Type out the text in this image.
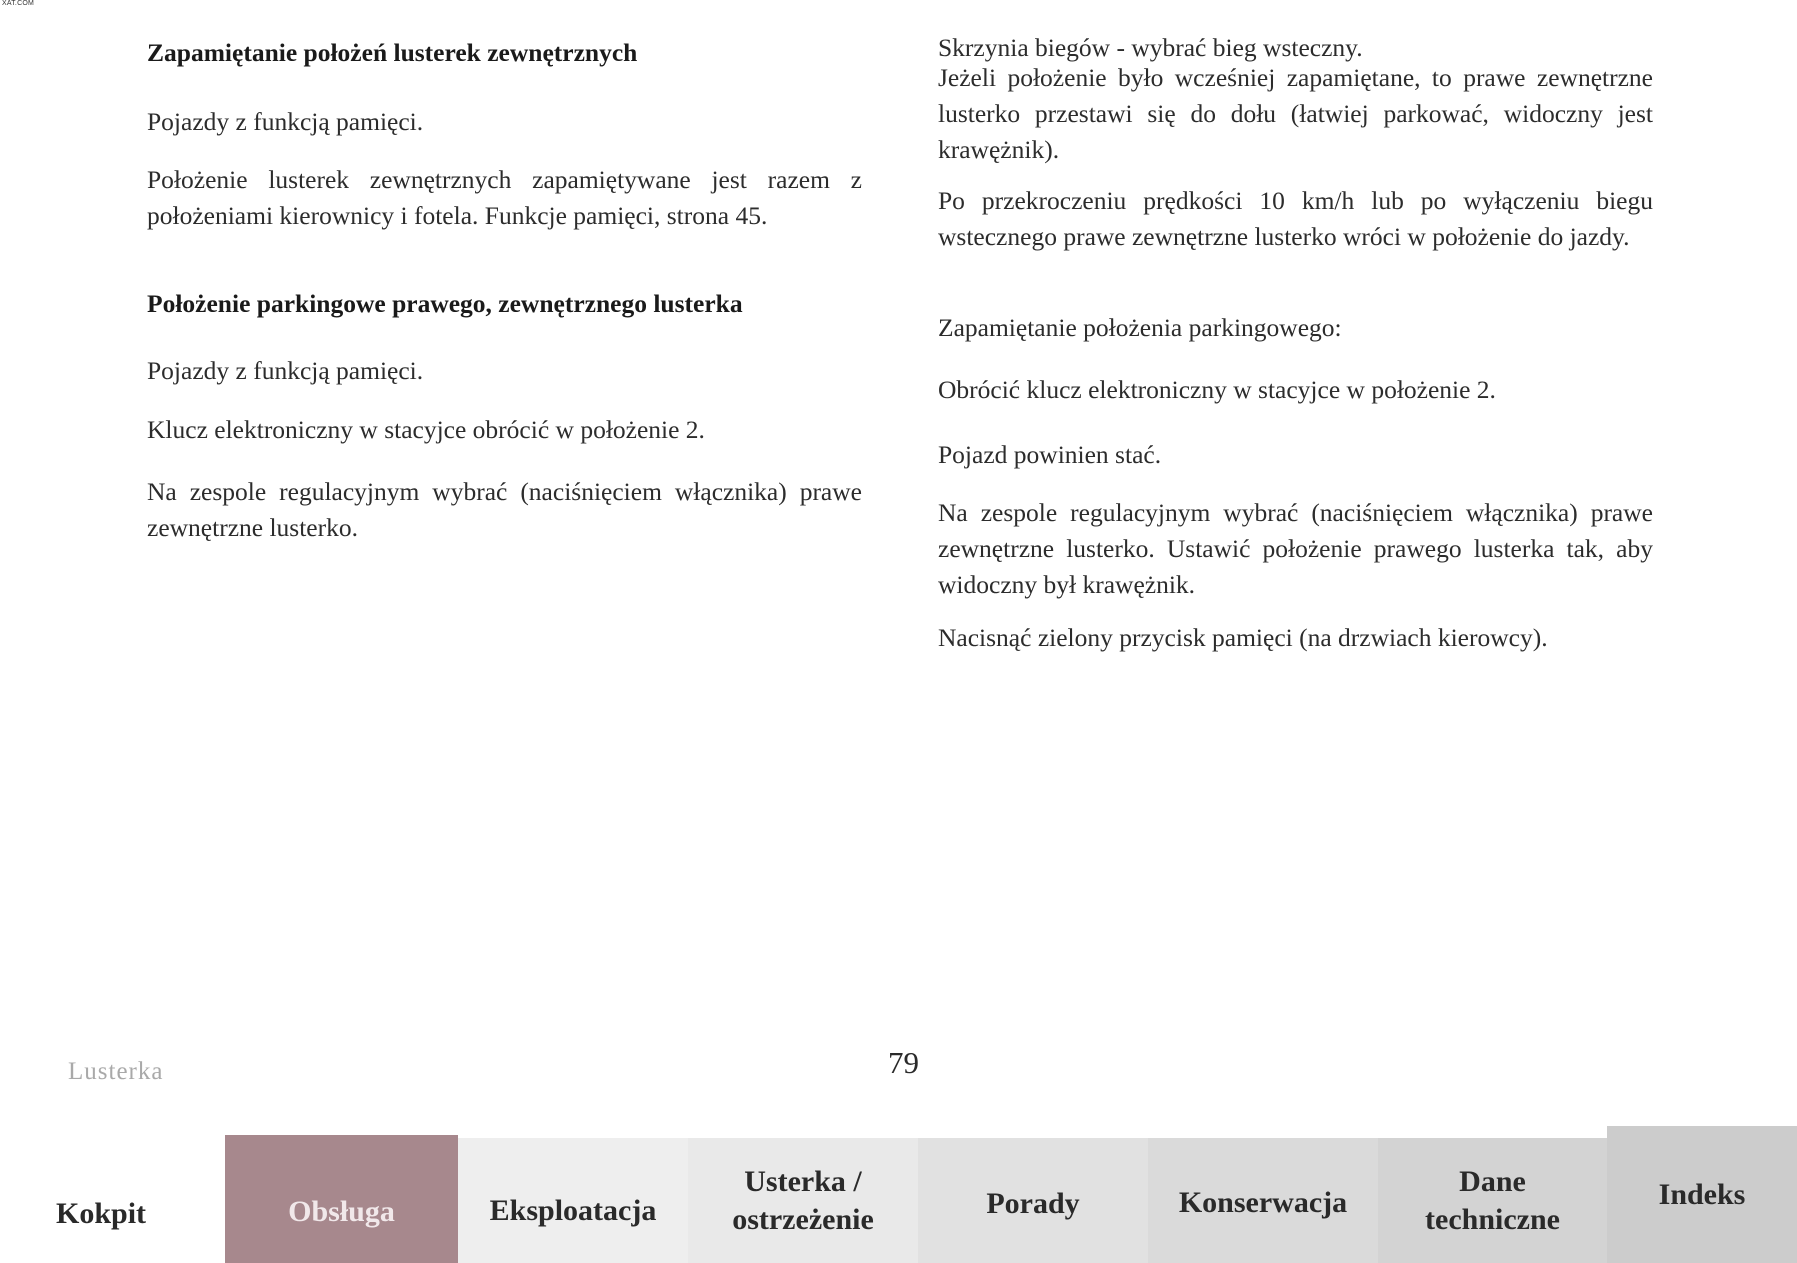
XAT.COM
Zapamiętanie położeń lusterek zewnętrznych

Pojazdy z funkcją pamięci.

Położenie lusterek zewnętrznych zapamiętywane jest razem z położeniami kierownicy i fotela. Funkcje pamięci, strona 45.

Położenie parkingowe prawego, zewnętrznego lusterka

Pojazdy z funkcją pamięci.

Klucz elektroniczny w stacyjce obrócić w położenie 2.

Na zespole regulacyjnym wybrać (naciśnięciem włącznika) prawe zewnętrzne lusterko.

Skrzynia biegów - wybrać bieg wsteczny.

Jeżeli położenie było wcześniej zapamiętane, to prawe zewnętrzne lusterko przestawi się do dołu (łatwiej parkować, widoczny jest krawężnik).

Po przekroczeniu prędkości 10 km/h lub po wyłączeniu biegu wstecznego prawe zewnętrzne lusterko wróci w położenie do jazdy.

Zapamiętanie położenia parkingowego:

Obrócić klucz elektroniczny w stacyjce w położenie 2.

Pojazd powinien stać.

Na zespole regulacyjnym wybrać (naciśnięciem włącznika) prawe zewnętrzne lusterko. Ustawić położenie prawego lusterka tak, aby widoczny był krawężnik.

Nacisnąć zielony przycisk pamięci (na drzwiach kierowcy).

Lusterka	79
Kokpit	Obsługa	Eksploatacja
Usterka /
ostrzeżenie	Porady	Konserwacja
Dane
techniczne
Indeks
